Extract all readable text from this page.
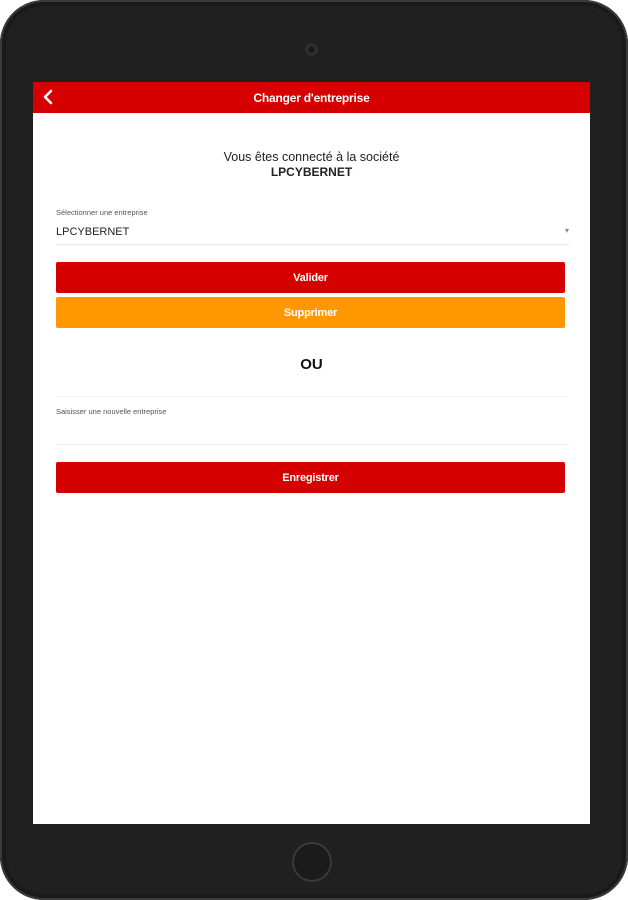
Changer d'entreprise
Vous êtes connecté à la société
LPCYBERNET
Sélectionner une entreprise
LPCYBERNET	▾
Valider
Supprimer
OU
Saisisser une nouvelle entreprise
Enregistrer
